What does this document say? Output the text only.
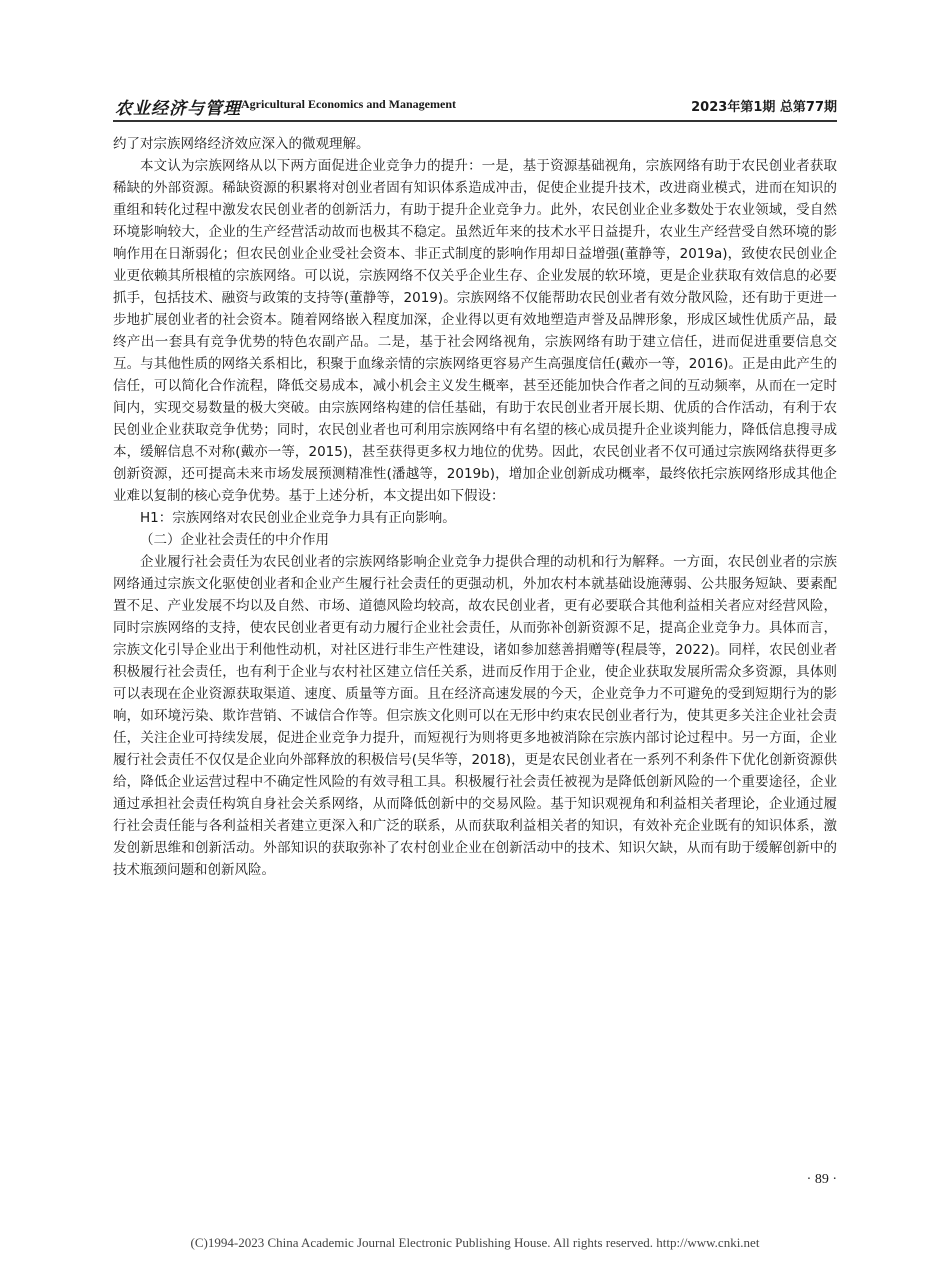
农业经济与管理 Agricultural Economics and Management	2023年第1期 总第77期

约了对宗族网络经济效应深入的微观理解。

本文认为宗族网络从以下两方面促进企业竞争力的提升：一是，基于资源基础视角，宗族网络有助于农民创业者获取稀缺的外部资源。稀缺资源的积累将对创业者固有知识体系造成冲击，促使企业提升技术，改进商业模式，进而在知识的重组和转化过程中激发农民创业者的创新活力，有助于提升企业竞争力。此外，农民创业企业多数处于农业领域，受自然环境影响较大，企业的生产经营活动故而也极其不稳定。虽然近年来的技术水平日益提升，农业生产经营受自然环境的影响作用在日渐弱化；但农民创业企业受社会资本、非正式制度的影响作用却日益增强(董静等，2019a)，致使农民创业企业更依赖其所根植的宗族网络。可以说，宗族网络不仅关乎企业生存、企业发展的软环境，更是企业获取有效信息的必要抓手，包括技术、融资与政策的支持等(董静等，2019)。宗族网络不仅能帮助农民创业者有效分散风险，还有助于更进一步地扩展创业者的社会资本。随着网络嵌入程度加深，企业得以更有效地塑造声誉及品牌形象，形成区域性优质产品，最终产出一套具有竞争优势的特色农副产品。二是，基于社会网络视角，宗族网络有助于建立信任，进而促进重要信息交互。与其他性质的网络关系相比，积聚于血缘亲情的宗族网络更容易产生高强度信任(戴亦一等，2016)。正是由此产生的信任，可以简化合作流程，降低交易成本，减小机会主义发生概率，甚至还能加快合作者之间的互动频率，从而在一定时间内，实现交易数量的极大突破。由宗族网络构建的信任基础，有助于农民创业者开展长期、优质的合作活动，有利于农民创业企业获取竞争优势；同时，农民创业者也可利用宗族网络中有名望的核心成员提升企业谈判能力，降低信息搜寻成本，缓解信息不对称(戴亦一等，2015)，甚至获得更多权力地位的优势。因此，农民创业者不仅可通过宗族网络获得更多创新资源，还可提高未来市场发展预测精准性(潘越等，2019b)，增加企业创新成功概率，最终依托宗族网络形成其他企业难以复制的核心竞争优势。基于上述分析，本文提出如下假设：

H1：宗族网络对农民创业企业竞争力具有正向影响。

（二）企业社会责任的中介作用

企业履行社会责任为农民创业者的宗族网络影响企业竞争力提供合理的动机和行为解释。一方面，农民创业者的宗族网络通过宗族文化驱使创业者和企业产生履行社会责任的更强动机，外加农村本就基础设施薄弱、公共服务短缺、要素配置不足、产业发展不均以及自然、市场、道德风险均较高，故农民创业者，更有必要联合其他利益相关者应对经营风险，同时宗族网络的支持，使农民创业者更有动力履行企业社会责任，从而弥补创新资源不足，提高企业竞争力。具体而言，宗族文化引导企业出于利他性动机，对社区进行非生产性建设，诸如参加慈善捐赠等(程晨等，2022)。同样，农民创业者积极履行社会责任，也有利于企业与农村社区建立信任关系，进而反作用于企业，使企业获取发展所需众多资源，具体则可以表现在企业资源获取渠道、速度、质量等方面。且在经济高速发展的今天，企业竞争力不可避免的受到短期行为的影响，如环境污染、欺诈营销、不诚信合作等。但宗族文化则可以在无形中约束农民创业者行为，使其更多关注企业社会责任，关注企业可持续发展，促进企业竞争力提升，而短视行为则将更多地被消除在宗族内部讨论过程中。另一方面，企业履行社会责任不仅仅是企业向外部释放的积极信号(吴华等，2018)，更是农民创业者在一系列不利条件下优化创新资源供给，降低企业运营过程中不确定性风险的有效寻租工具。积极履行社会责任被视为是降低创新风险的一个重要途径，企业通过承担社会责任构筑自身社会关系网络，从而降低创新中的交易风险。基于知识观视角和利益相关者理论，企业通过履行社会责任能与各利益相关者建立更深入和广泛的联系，从而获取利益相关者的知识，有效补充企业既有的知识体系，激发创新思维和创新活动。外部知识的获取弥补了农村创业企业在创新活动中的技术、知识欠缺，从而有助于缓解创新中的技术瓶颈问题和创新风险。

· 89 ·
(C)1994-2023 China Academic Journal Electronic Publishing House. All rights reserved. http://www.cnki.net
